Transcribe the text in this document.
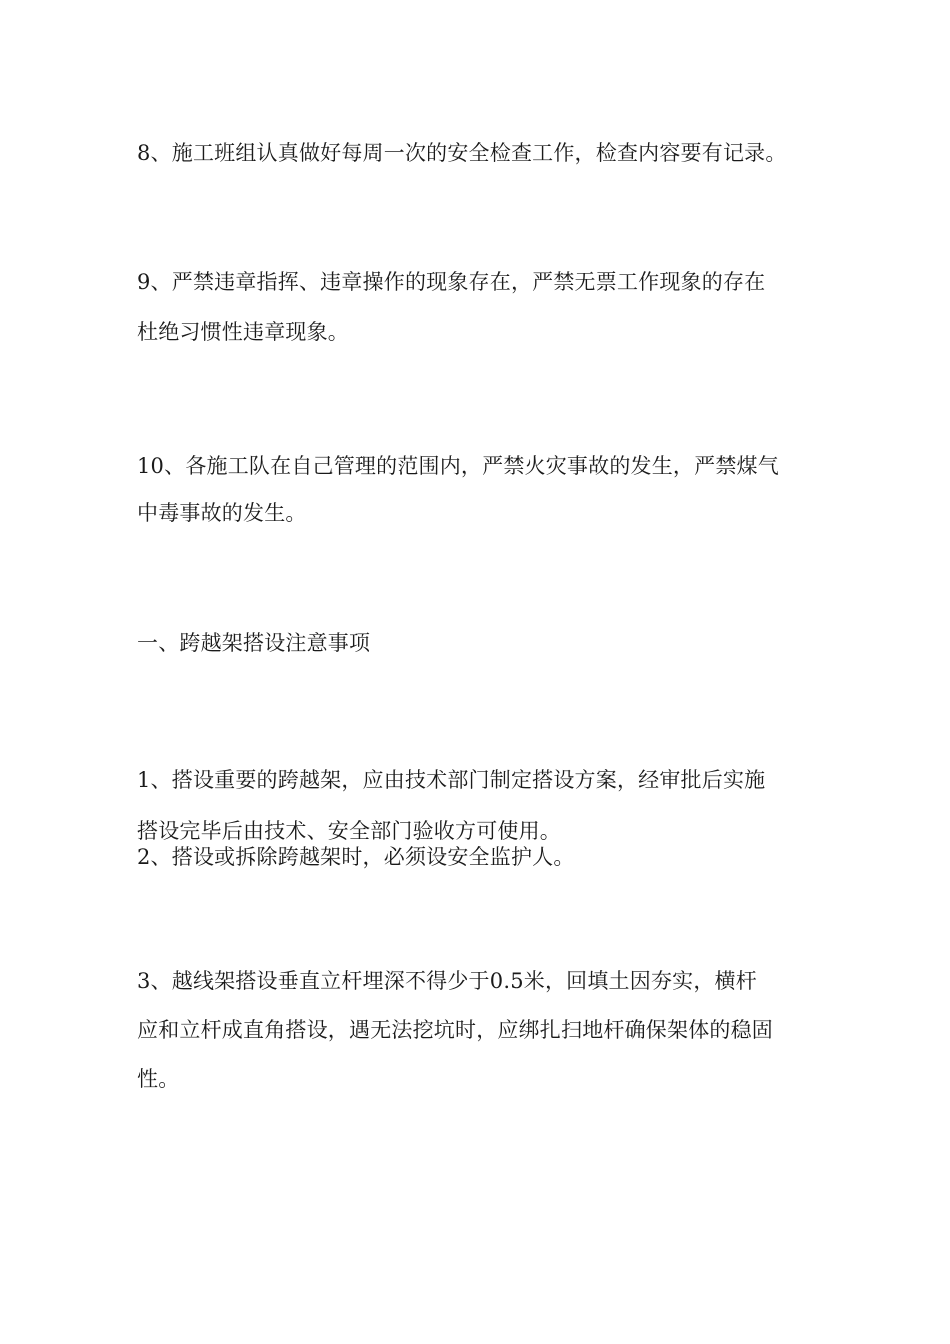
8、施工班组认真做好每周一次的安全检查工作，检查内容要有记录。

9、严禁违章指挥、违章操作的现象存在，严禁无票工作现象的存在

杜绝习惯性违章现象。

10、各施工队在自己管理的范围内，严禁火灾事故的发生，严禁煤气

中毒事故的发生。

一、跨越架搭设注意事项

1、搭设重要的跨越架，应由技术部门制定搭设方案，经审批后实施

搭设完毕后由技术、安全部门验收方可使用。

2、搭设或拆除跨越架时，必须设安全监护人。

3、越线架搭设垂直立杆埋深不得少于0.5米，回填土因夯实，横杆

应和立杆成直角搭设，遇无法挖坑时，应绑扎扫地杆确保架体的稳固

性。
